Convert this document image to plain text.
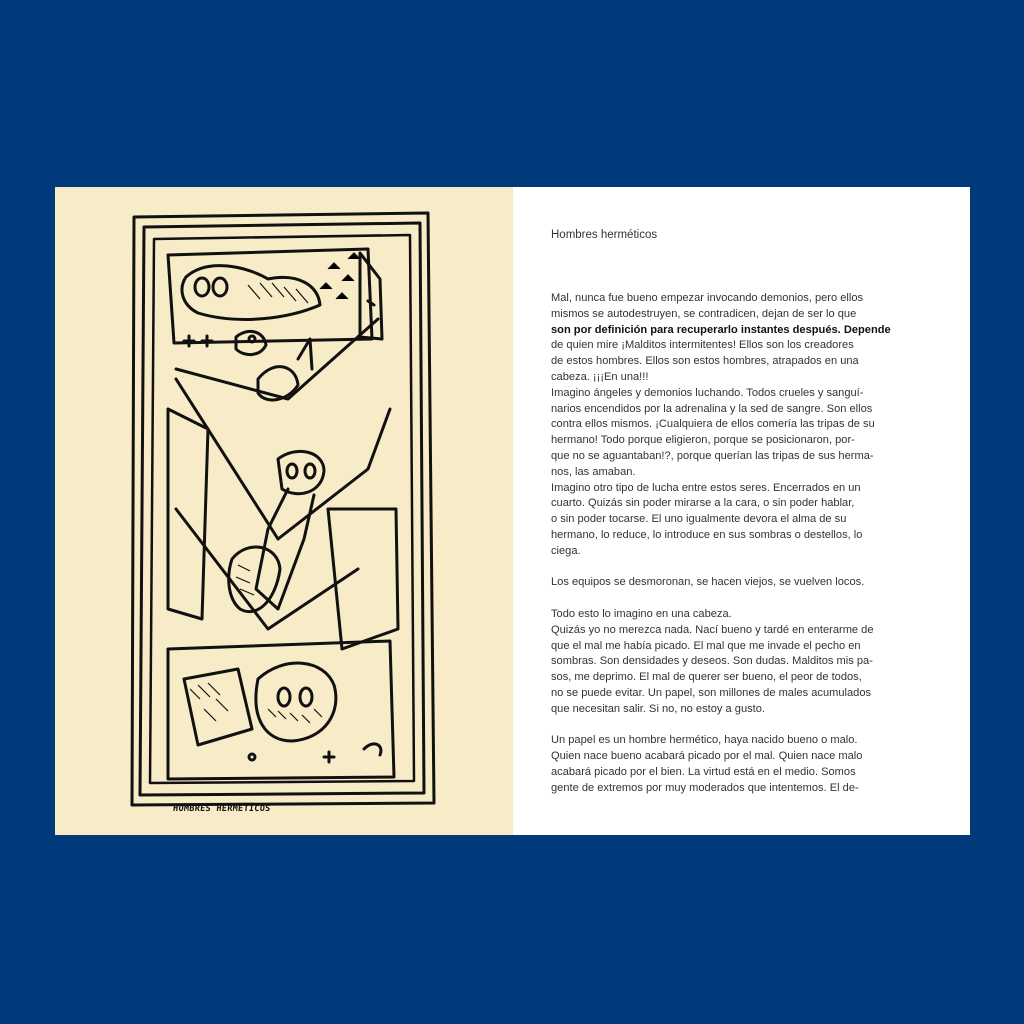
HOMBRES HERMETICOS
Hombres herméticos
Mal, nunca fue bueno empezar invocando demonios, pero ellos
mismos se autodestruyen, se contradicen, dejan de ser lo que
son por definición para recuperarlo instantes después. Depende
de quien mire ¡Malditos intermitentes! Ellos son los creadores
de estos hombres. Ellos son estos hombres, atrapados en una
cabeza. ¡¡¡En una!!!
Imagino ángeles y demonios luchando. Todos crueles y sanguí-
narios encendidos por la adrenalina y la sed de sangre. Son ellos
contra ellos mismos. ¡Cualquiera de ellos comería las tripas de su
hermano! Todo porque eligieron, porque se posicionaron, por-
que no se aguantaban!?, porque querían las tripas de sus herma-
nos, las amaban.
Imagino otro tipo de lucha entre estos seres. Encerrados en un
cuarto. Quizás sin poder mirarse a la cara, o sin poder hablar,
o sin poder tocarse. El uno igualmente devora el alma de su
hermano, lo reduce, lo introduce en sus sombras o destellos, lo
ciega.
Los equipos se desmoronan, se hacen viejos, se vuelven locos.
Todo esto lo imagino en una cabeza.
Quizás yo no merezca nada. Nací bueno y tardé en enterarme de
que el mal me había picado. El mal que me invade el pecho en
sombras. Son densidades y deseos. Son dudas. Malditos mis pa-
sos, me deprimo. El mal de querer ser bueno, el peor de todos,
no se puede evitar. Un papel, son millones de males acumulados
que necesitan salir. Si no, no estoy a gusto.
Un papel es un hombre hermético, haya nacido bueno o malo.
Quien nace bueno acabará picado por el mal. Quien nace malo
acabará picado por el bien. La virtud está en el medio. Somos
gente de extremos por muy moderados que intentemos. El de-
